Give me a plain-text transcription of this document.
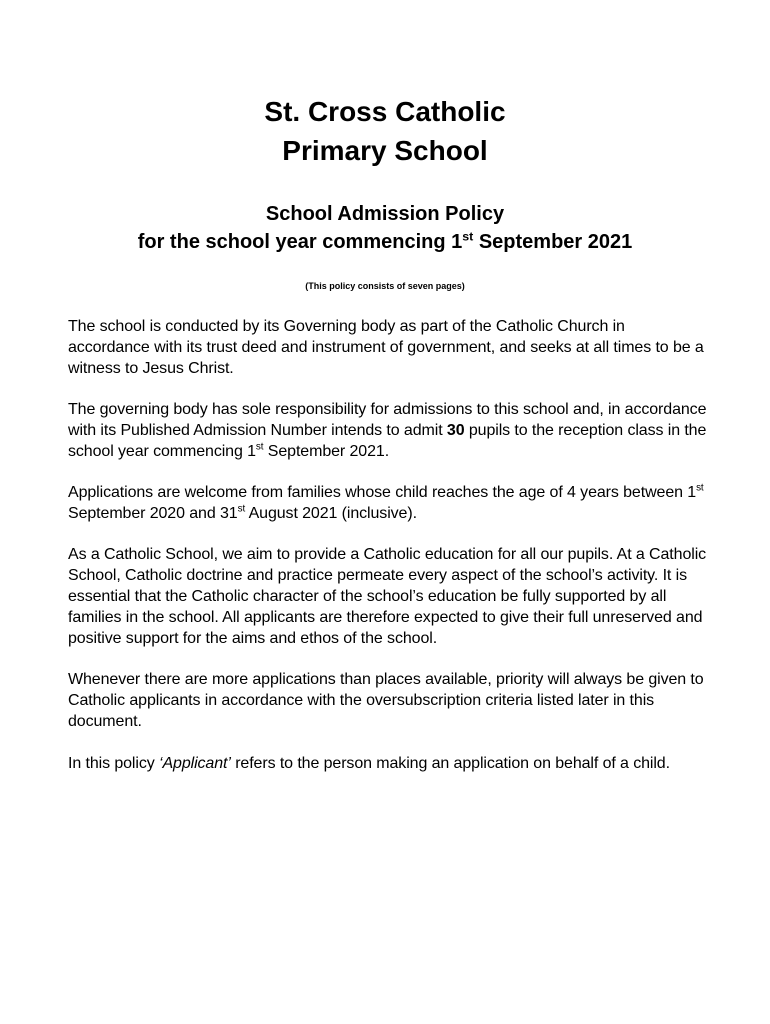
St. Cross Catholic
Primary School
School Admission Policy
for the school year commencing 1st September 2021
(This policy consists of seven pages)

The school is conducted by its Governing body as part of the Catholic Church in accordance with its trust deed and instrument of government, and seeks at all times to be a witness to Jesus Christ.

The governing body has sole responsibility for admissions to this school and, in accordance with its Published Admission Number intends to admit 30 pupils to the reception class in the school year commencing 1st September 2021.

Applications are welcome from families whose child reaches the age of 4 years between 1st September 2020 and 31st August 2021 (inclusive).

As a Catholic School, we aim to provide a Catholic education for all our pupils. At a Catholic School, Catholic doctrine and practice permeate every aspect of the school’s activity. It is essential that the Catholic character of the school’s education be fully supported by all families in the school. All applicants are therefore expected to give their full unreserved and positive support for the aims and ethos of the school.

Whenever there are more applications than places available, priority will always be given to Catholic applicants in accordance with the oversubscription criteria listed later in this document.

In this policy ‘Applicant’ refers to the person making an application on behalf of a child.
